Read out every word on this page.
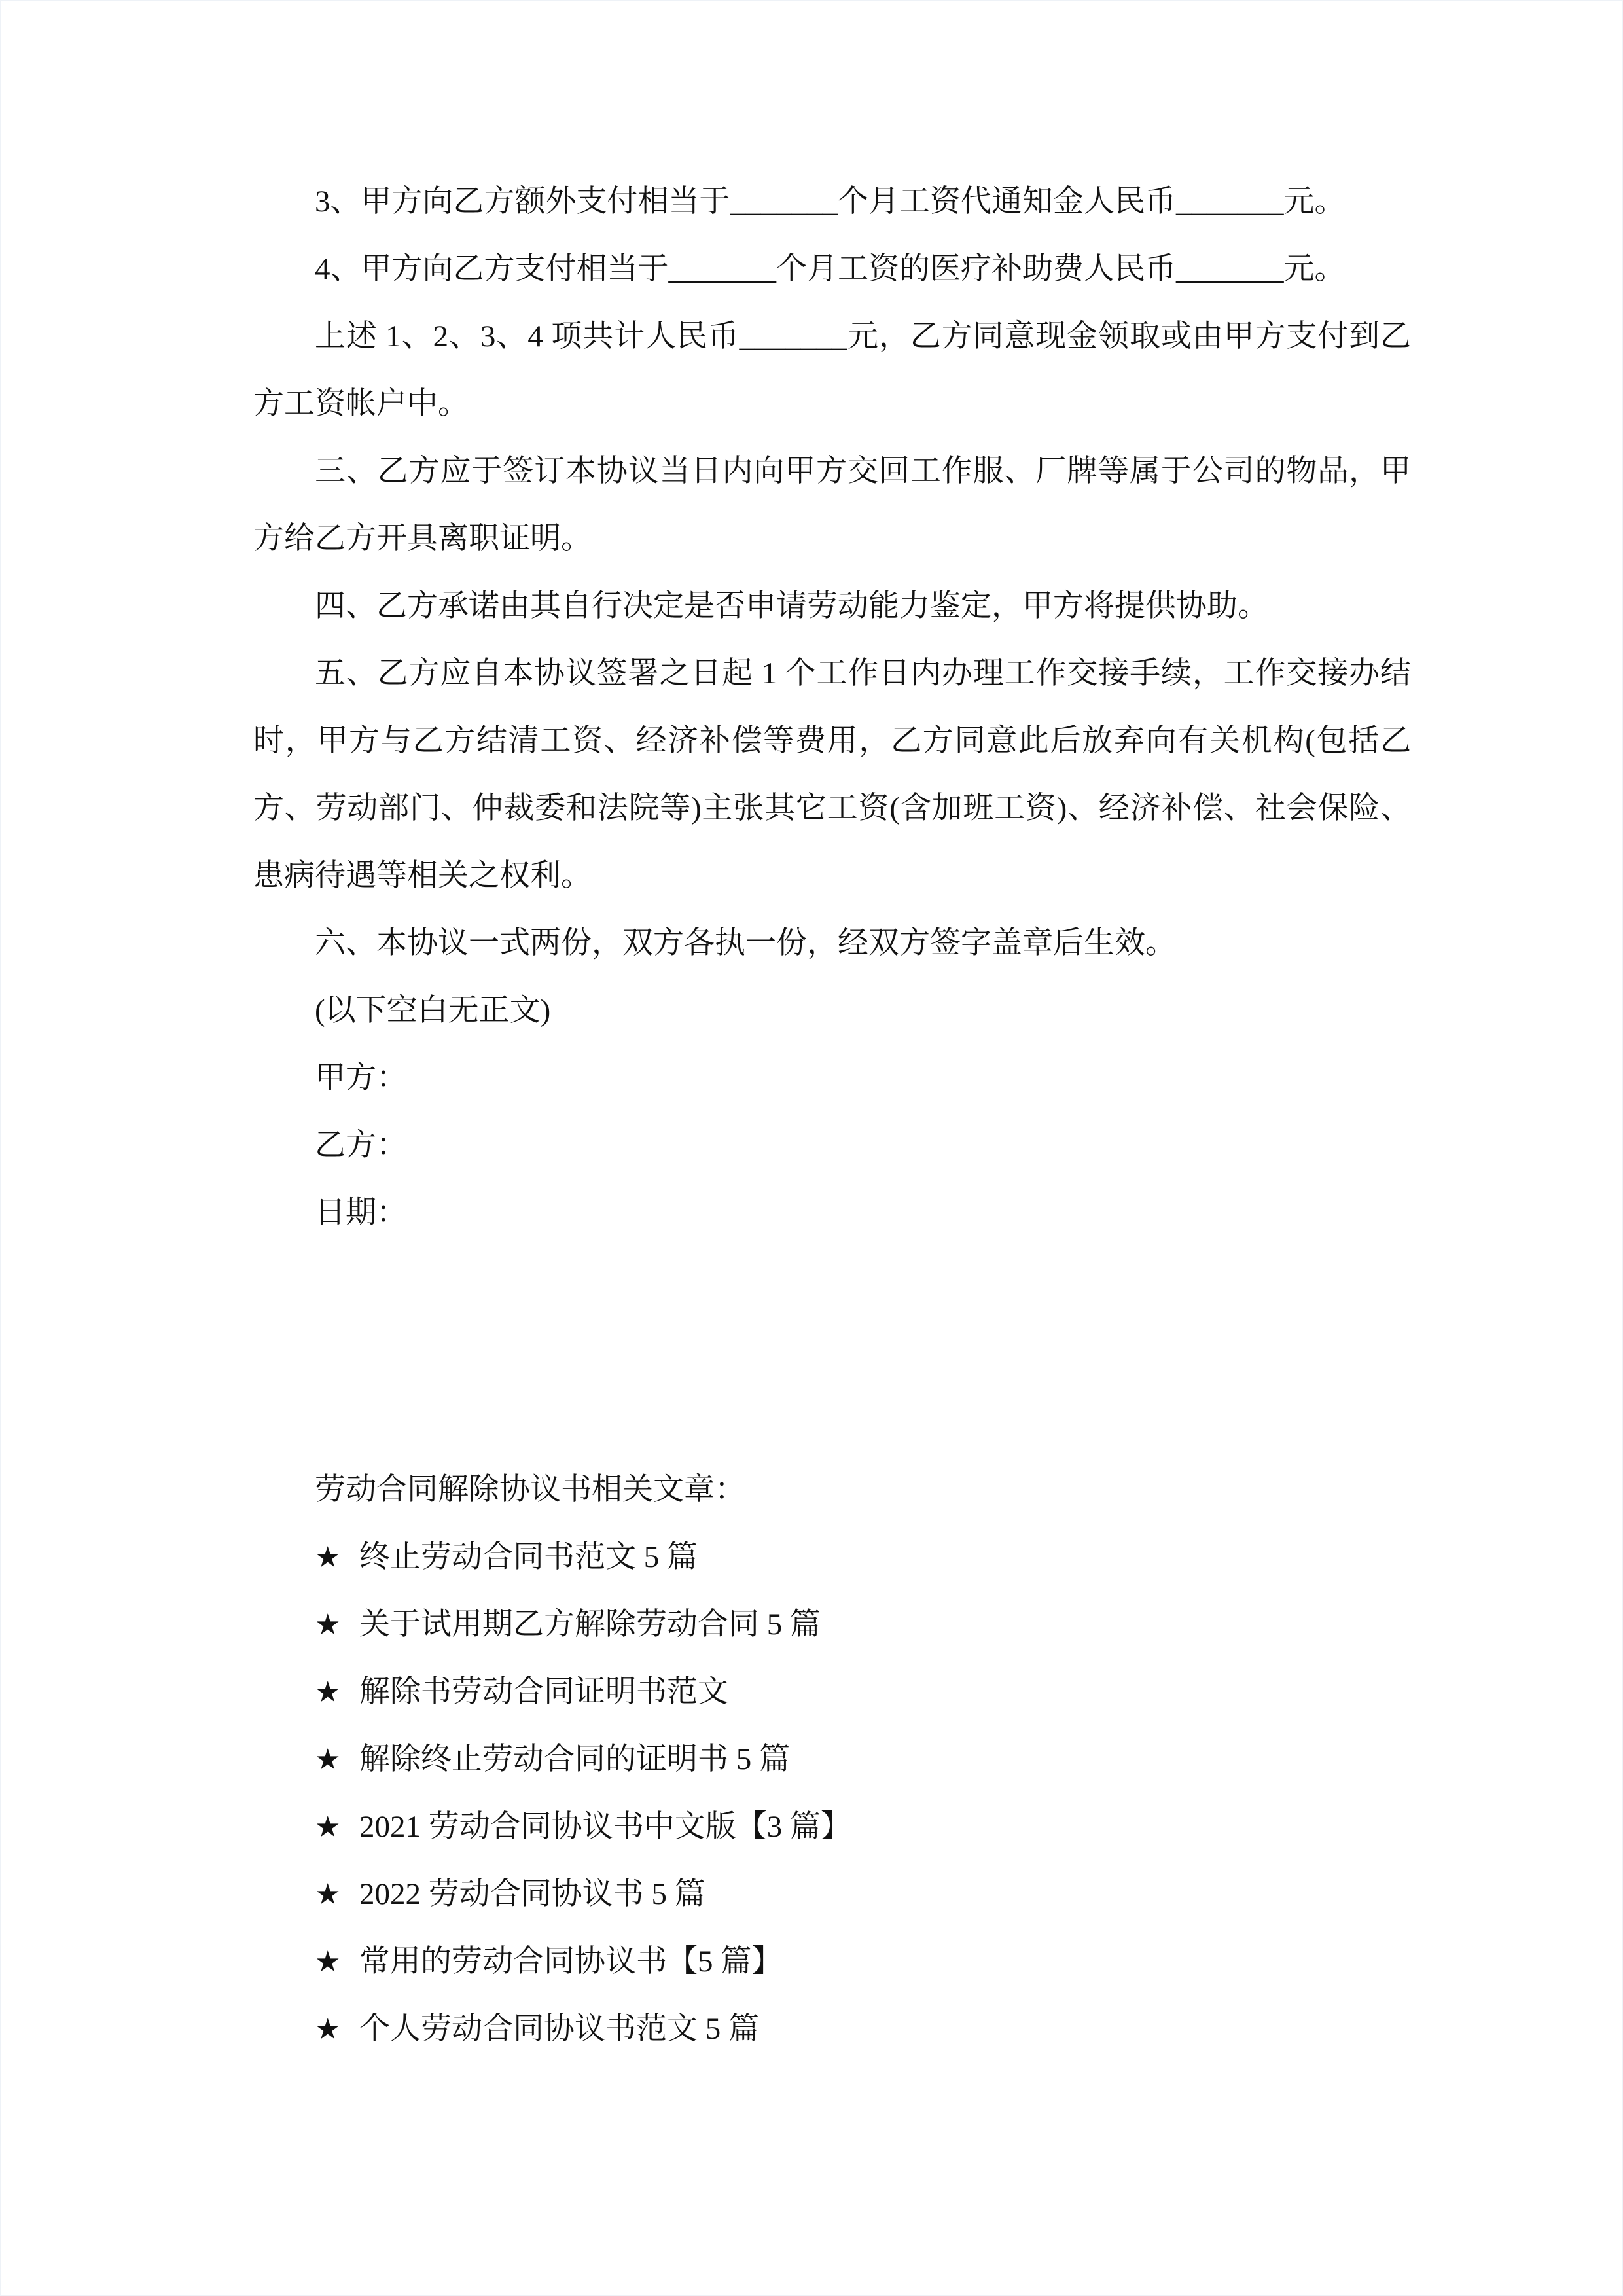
3、甲方向乙方额外支付相当于_______个月工资代通知金人民币_______元。

4、甲方向乙方支付相当于_______个月工资的医疗补助费人民币_______元。

上述 1、2、3、4 项共计人民币_______元，乙方同意现金领取或由甲方支付到乙方工资帐户中。

三、乙方应于签订本协议当日内向甲方交回工作服、厂牌等属于公司的物品，甲方给乙方开具离职证明。

四、乙方承诺由其自行决定是否申请劳动能力鉴定，甲方将提供协助。

五、乙方应自本协议签署之日起 1 个工作日内办理工作交接手续，工作交接办结时，甲方与乙方结清工资、经济补偿等费用，乙方同意此后放弃向有关机构(包括乙方、劳动部门、仲裁委和法院等)主张其它工资(含加班工资)、经济补偿、社会保险、患病待遇等相关之权利。

六、本协议一式两份，双方各执一份，经双方签字盖章后生效。

(以下空白无正文)

甲方：

乙方：

日期：

劳动合同解除协议书相关文章：

★ 终止劳动合同书范文 5 篇
★ 关于试用期乙方解除劳动合同 5 篇
★ 解除书劳动合同证明书范文
★ 解除终止劳动合同的证明书 5 篇
★ 2021 劳动合同协议书中文版【3 篇】
★ 2022 劳动合同协议书 5 篇
★ 常用的劳动合同协议书【5 篇】
★ 个人劳动合同协议书范文 5 篇
